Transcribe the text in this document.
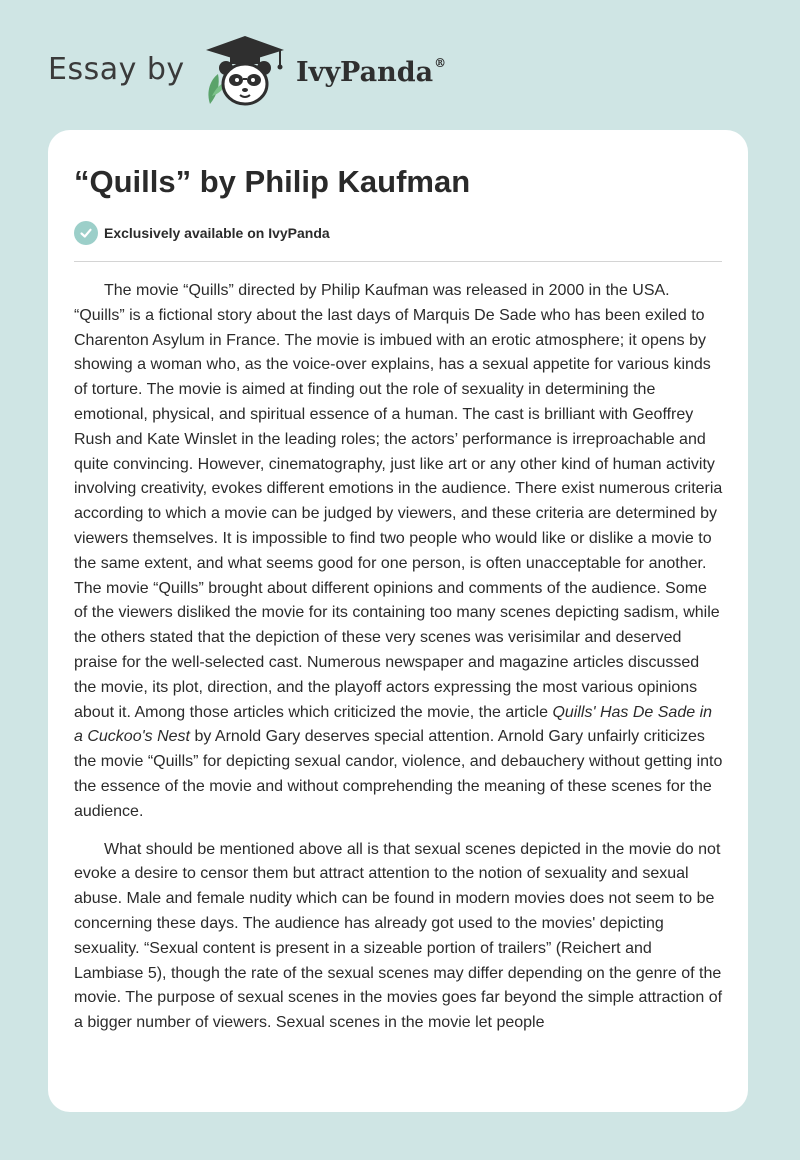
Essay by	IvyPanda®
“Quills” by Philip Kaufman
Exclusively available on IvyPanda

The movie “Quills” directed by Philip Kaufman was released in 2000 in the USA. “Quills” is a fictional story about the last days of Marquis De Sade who has been exiled to Charenton Asylum in France. The movie is imbued with an erotic atmosphere; it opens by showing a woman who, as the voice-over explains, has a sexual appetite for various kinds of torture. The movie is aimed at finding out the role of sexuality in determining the emotional, physical, and spiritual essence of a human. The cast is brilliant with Geoffrey Rush and Kate Winslet in the leading roles; the actors’ performance is irreproachable and quite convincing. However, cinematography, just like art or any other kind of human activity involving creativity, evokes different emotions in the audience. There exist numerous criteria according to which a movie can be judged by viewers, and these criteria are determined by viewers themselves. It is impossible to find two people who would like or dislike a movie to the same extent, and what seems good for one person, is often unacceptable for another. The movie “Quills” brought about different opinions and comments of the audience. Some of the viewers disliked the movie for its containing too many scenes depicting sadism, while the others stated that the depiction of these very scenes was verisimilar and deserved praise for the well-selected cast. Numerous newspaper and magazine articles discussed the movie, its plot, direction, and the playoff actors expressing the most various opinions about it. Among those articles which criticized the movie, the article Quills' Has De Sade in a Cuckoo's Nest by Arnold Gary deserves special attention. Arnold Gary unfairly criticizes the movie “Quills” for depicting sexual candor, violence, and debauchery without getting into the essence of the movie and without comprehending the meaning of these scenes for the audience.

What should be mentioned above all is that sexual scenes depicted in the movie do not evoke a desire to censor them but attract attention to the notion of sexuality and sexual abuse. Male and female nudity which can be found in modern movies does not seem to be concerning these days. The audience has already got used to the movies' depicting sexuality. “Sexual content is present in a sizeable portion of trailers” (Reichert and Lambiase 5), though the rate of the sexual scenes may differ depending on the genre of the movie. The purpose of sexual scenes in the movies goes far beyond the simple attraction of a bigger number of viewers. Sexual scenes in the movie let people
